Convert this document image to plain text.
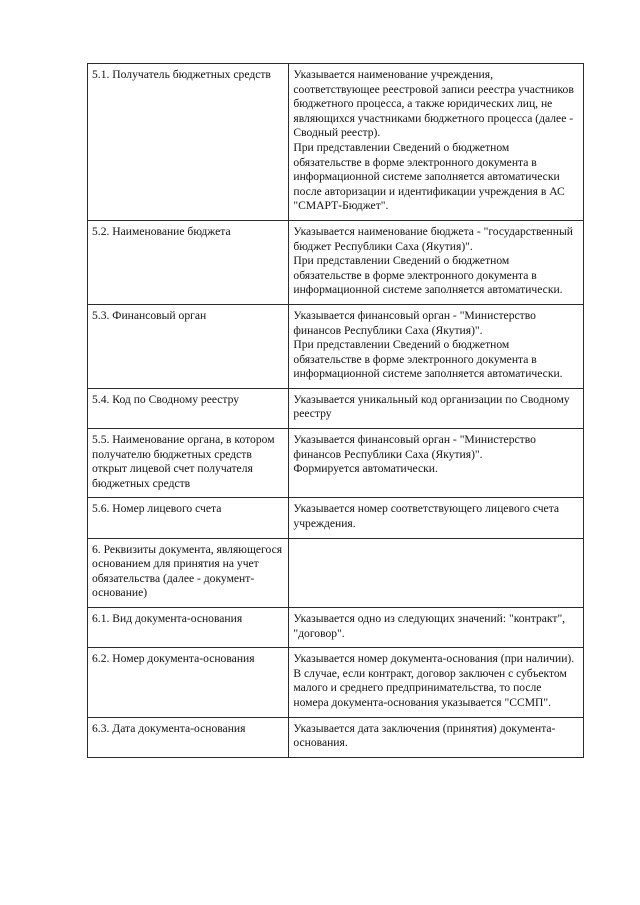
5.1. Получатель бюджетных средств	Указывается наименование учреждения, соответствующее реестровой записи реестра участников бюджетного процесса, а также юридических лиц, не являющихся участниками бюджетного процесса (далее - Сводный реестр).
При представлении Сведений о бюджетном обязательстве в форме электронного документа в информационной системе заполняется автоматически после авторизации и идентификации учреждения в АС "СМАРТ-Бюджет".

5.2. Наименование бюджета	Указывается наименование бюджета - "государственный бюджет Республики Саха (Якутия)".
При представлении Сведений о бюджетном обязательстве в форме электронного документа в информационной системе заполняется автоматически.

5.3. Финансовый орган	Указывается финансовый орган - "Министерство финансов Республики Саха (Якутия)".
При представлении Сведений о бюджетном обязательстве в форме электронного документа в информационной системе заполняется автоматически.

5.4. Код по Сводному реестру	Указывается уникальный код организации по Сводному реестру

5.5. Наименование органа, в котором получателю бюджетных средств открыт лицевой счет получателя бюджетных средств	Указывается финансовый орган - "Министерство финансов Республики Саха (Якутия)".
Формируется автоматически.

5.6. Номер лицевого счета	Указывается номер соответствующего лицевого счета учреждения.

6. Реквизиты документа, являющегося основанием для принятия на учет обязательства (далее - документ-основание)	

6.1. Вид документа-основания	Указывается одно из следующих значений: "контракт", "договор".

6.2. Номер документа-основания	Указывается номер документа-основания (при наличии). В случае, если контракт, договор заключен с субъектом малого и среднего предпринимательства, то после номера документа-основания указывается "ССМП".

6.3. Дата документа-основания	Указывается дата заключения (принятия) документа-основания.
